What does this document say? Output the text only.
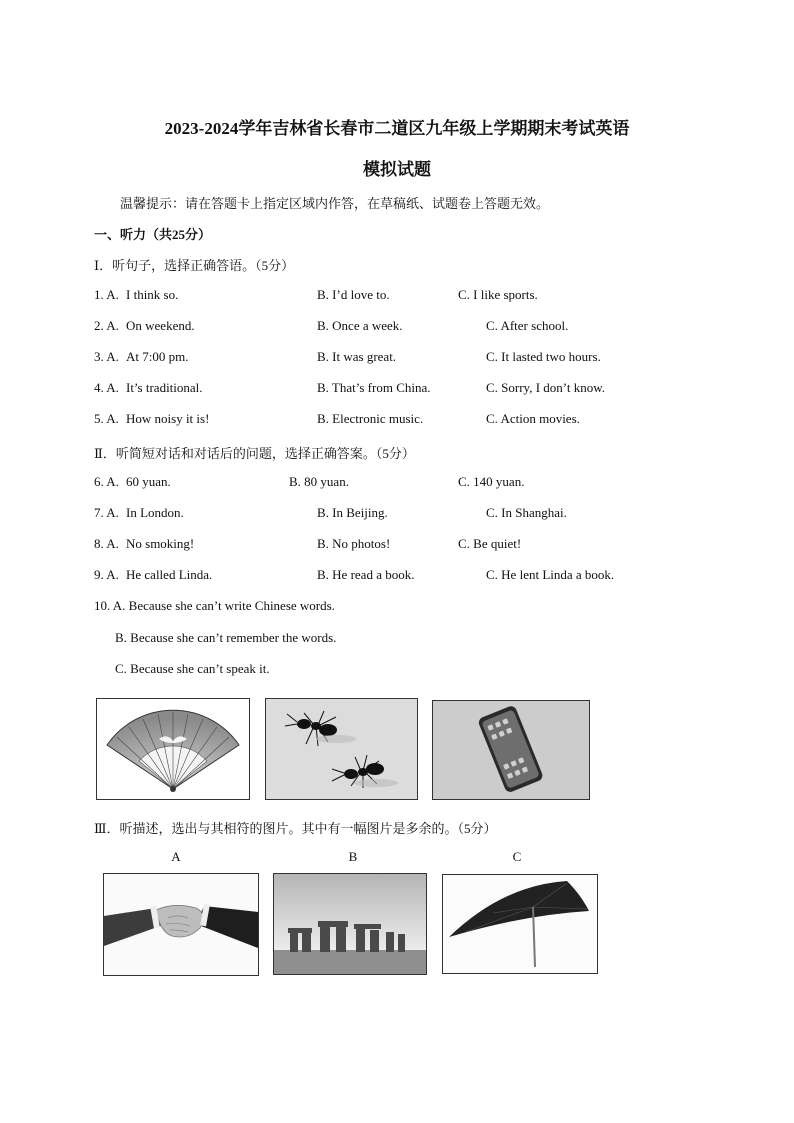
2023-2024学年吉林省长春市二道区九年级上学期期末考试英语
模拟试题
温馨提示：请在答题卡上指定区域内作答，在草稿纸、试题卷上答题无效。
一、听力（共25分）
Ⅰ．听句子，选择正确答语。（5分）
1. A. I think so.	B. I’d love to.	C. I like sports.
2. A. On weekend.	B. Once a week.	C. After school.
3. A. At 7:00 pm.	B. It was great.	C. It lasted two hours.
4. A. It’s traditional.	B. That’s from China.	C. Sorry, I don’t know.
5. A. How noisy it is!	B. Electronic music.	C. Action movies.
Ⅱ．听简短对话和对话后的问题，选择正确答案。（5分）
6. A. 60 yuan.	B. 80 yuan.	C. 140 yuan.
7. A. In London.	B. In Beijing.	C. In Shanghai.
8. A. No smoking!	B. No photos!	C. Be quiet!
9. A. He called Linda.	B. He read a book.	C. He lent Linda a book.
10. A. Because she can’t write Chinese words.
B. Because she can’t remember the words.
C. Because she can’t speak it.
Ⅲ．听描述，选出与其相符的图片。其中有一幅图片是多余的。（5分）
A	B	C
